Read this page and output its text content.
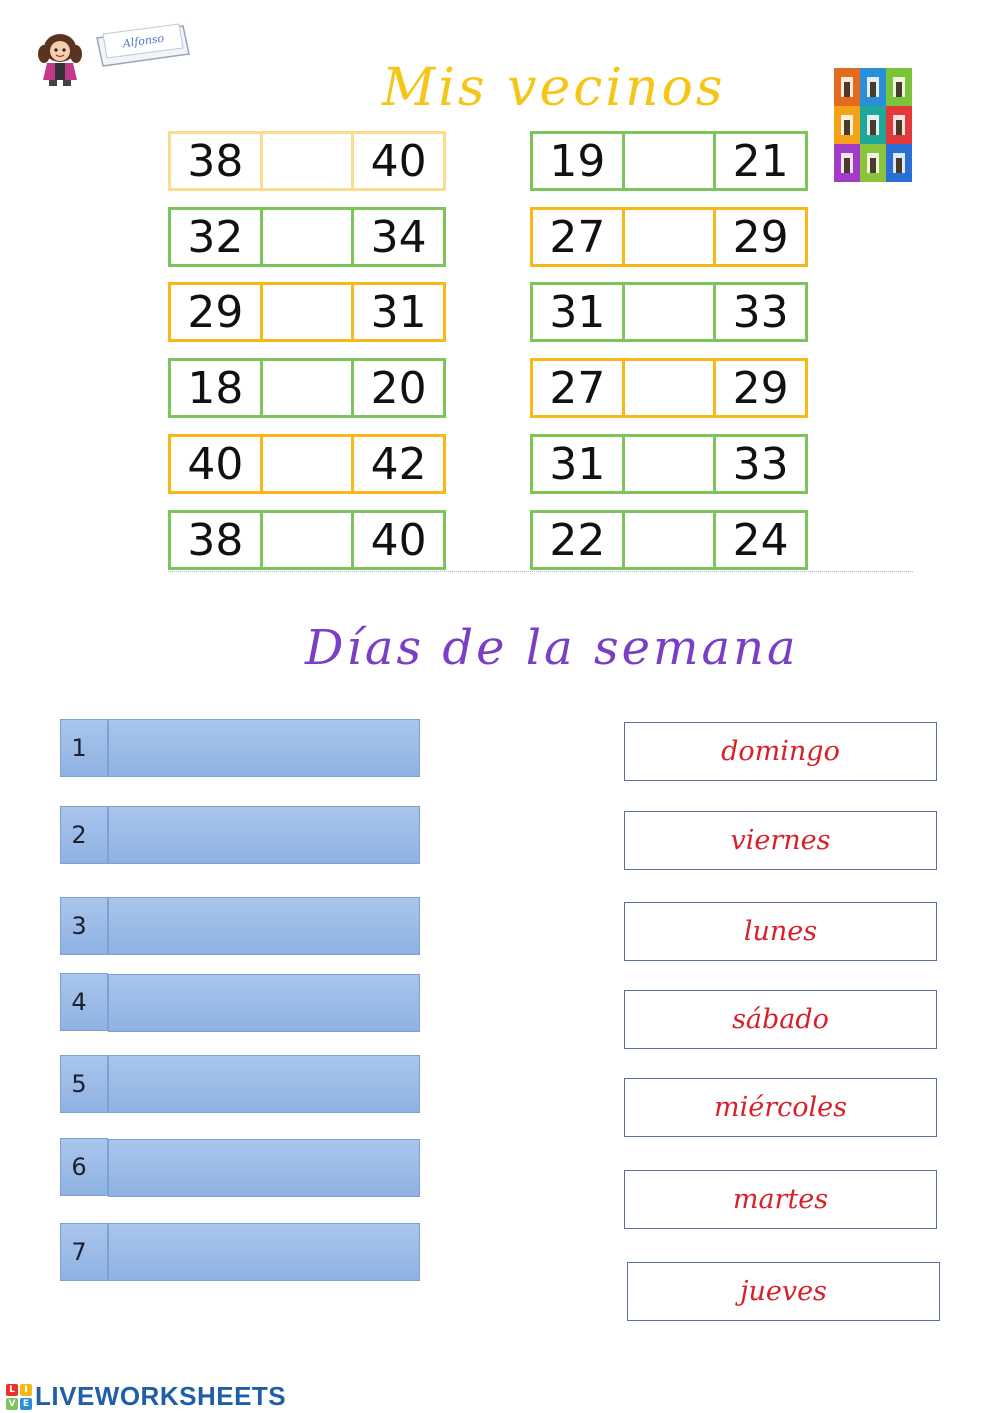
Alfonso
Mis vecinos
38	40
32	34
29	31
18	20
40	42
38	40
19	21
27	29
31	33
27	29
31	33
22	24
Días de la semana
1
2
3
4
5
6
7
domingo
viernes
lunes
sábado
miércoles
martes
jueves
L	I
V E LIVEWORKSHEETS
